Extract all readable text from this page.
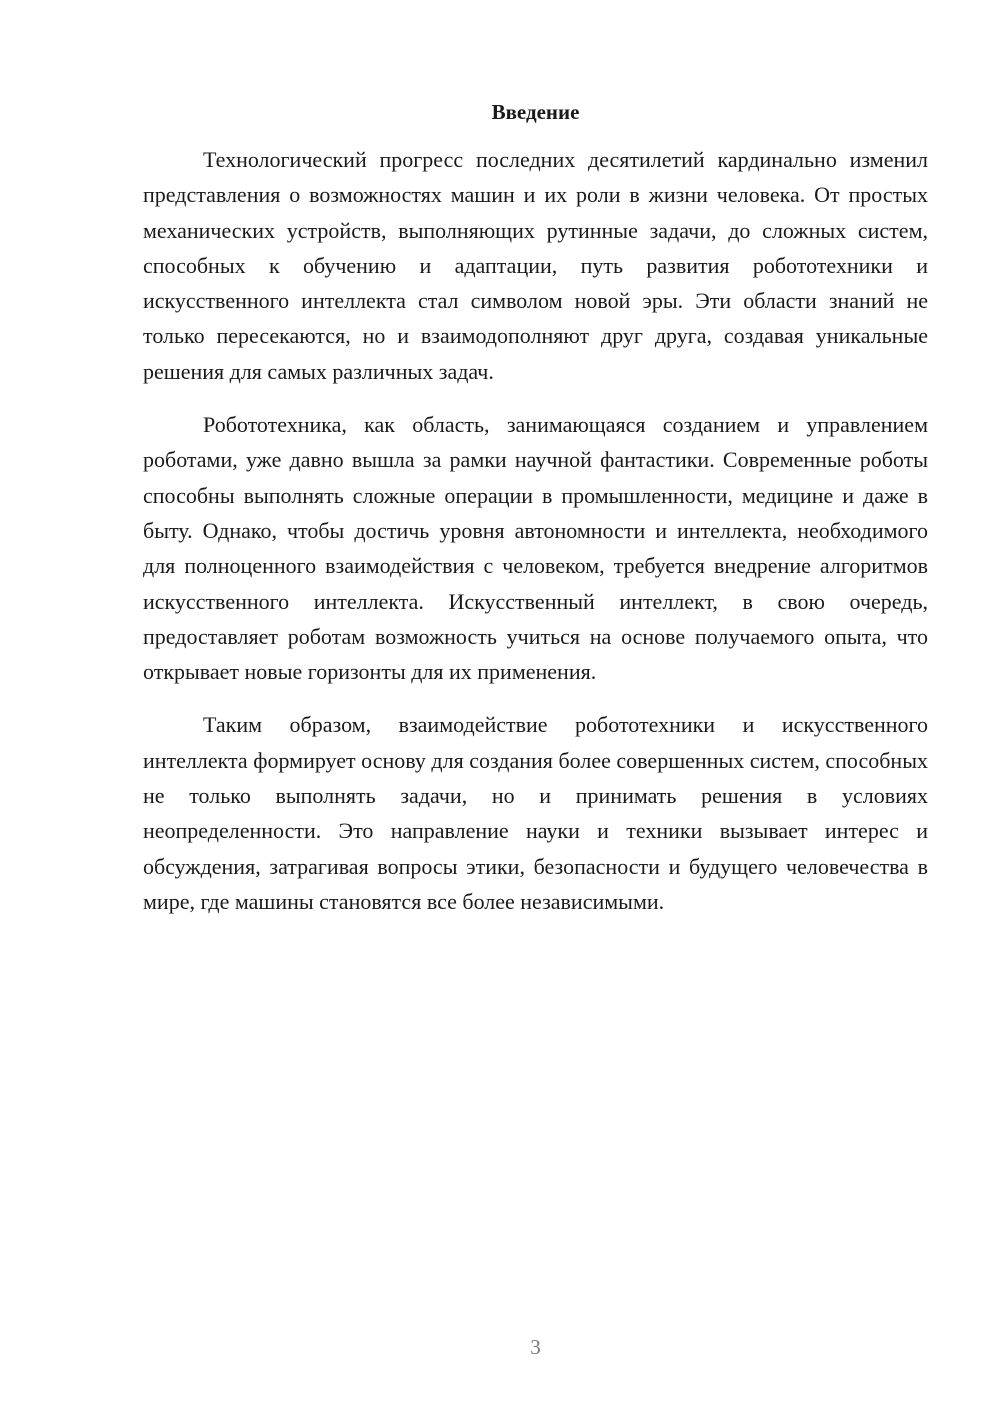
Введение

Технологический прогресс последних десятилетий кардинально изменил представления о возможностях машин и их роли в жизни человека. От простых механических устройств, выполняющих рутинные задачи, до сложных систем, способных к обучению и адаптации, путь развития робототехники и искусственного интеллекта стал символом новой эры. Эти области знаний не только пересекаются, но и взаимодополняют друг друга, создавая уникальные решения для самых различных задач.

Робототехника, как область, занимающаяся созданием и управлением роботами, уже давно вышла за рамки научной фантастики. Современные роботы способны выполнять сложные операции в промышленности, медицине и даже в быту. Однако, чтобы достичь уровня автономности и интеллекта, необходимого для полноценного взаимодействия с человеком, требуется внедрение алгоритмов искусственного интеллекта. Искусственный интеллект, в свою очередь, предоставляет роботам возможность учиться на основе получаемого опыта, что открывает новые горизонты для их применения.

Таким образом, взаимодействие робототехники и искусственного интеллекта формирует основу для создания более совершенных систем, способных не только выполнять задачи, но и принимать решения в условиях неопределенности. Это направление науки и техники вызывает интерес и обсуждения, затрагивая вопросы этики, безопасности и будущего человечества в мире, где машины становятся все более независимыми.

3
